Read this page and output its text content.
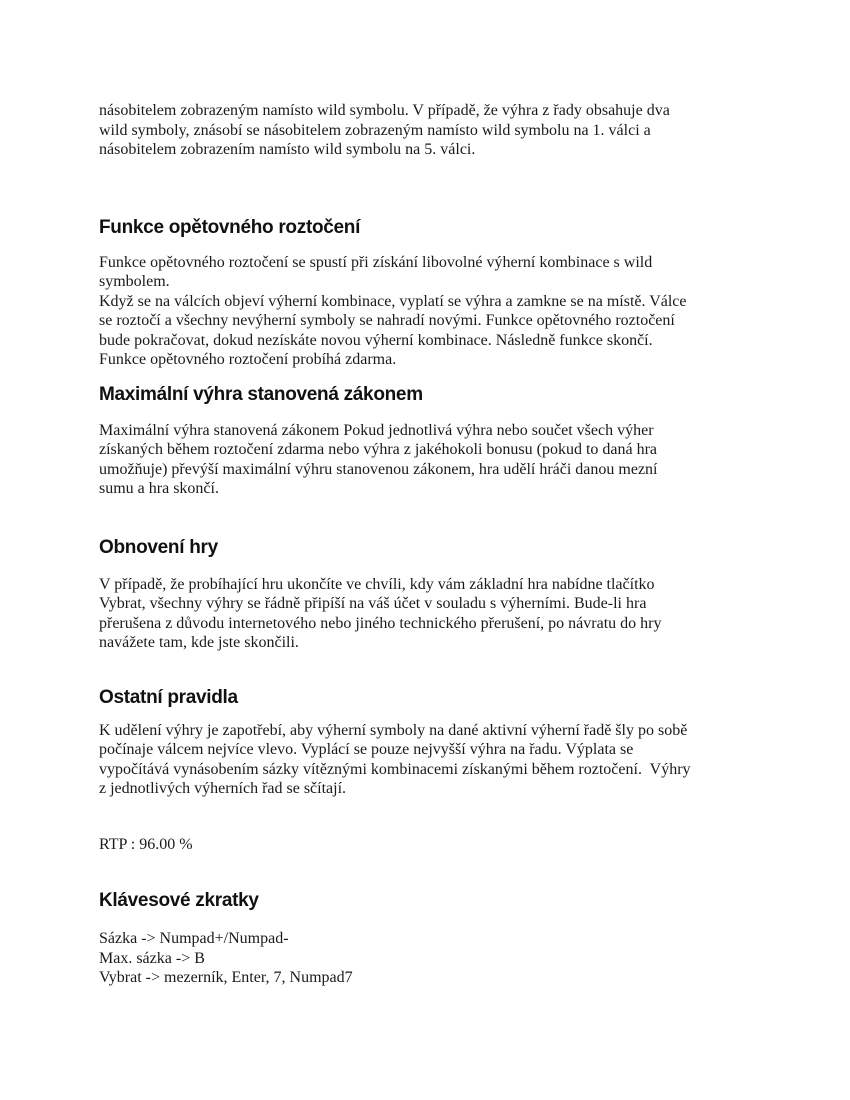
násobitelem zobrazeným namísto wild symbolu. V případě, že výhra z řady obsahuje dva
wild symboly, znásobí se násobitelem zobrazeným namísto wild symbolu na 1. válci a
násobitelem zobrazením namísto wild symbolu na 5. válci.
Funkce opětovného roztočení
Funkce opětovného roztočení se spustí při získání libovolné výherní kombinace s wild
symbolem.
Když se na válcích objeví výherní kombinace, vyplatí se výhra a zamkne se na místě. Válce
se roztočí a všechny nevýherní symboly se nahradí novými. Funkce opětovného roztočení
bude pokračovat, dokud nezískáte novou výherní kombinace. Následně funkce skončí.
Funkce opětovného roztočení probíhá zdarma.
Maximální výhra stanovená zákonem
Maximální výhra stanovená zákonem Pokud jednotlivá výhra nebo součet všech výher
získaných během roztočení zdarma nebo výhra z jakéhokoli bonusu (pokud to daná hra
umožňuje) převýší maximální výhru stanovenou zákonem, hra udělí hráči danou mezní
sumu a hra skončí.
Obnovení hry
V případě, že probíhající hru ukončíte ve chvíli, kdy vám základní hra nabídne tlačítko
Vybrat, všechny výhry se řádně připíší na váš účet v souladu s výherními. Bude-li hra
přerušena z důvodu internetového nebo jiného technického přerušení, po návratu do hry
navážete tam, kde jste skončili.
Ostatní pravidla
K udělení výhry je zapotřebí, aby výherní symboly na dané aktivní výherní řadě šly po sobě
počínaje válcem nejvíce vlevo. Vyplácí se pouze nejvyšší výhra na řadu. Výplata se
vypočítává vynásobením sázky vítěznými kombinacemi získanými během roztočení.  Výhry
z jednotlivých výherních řad se sčítají.
RTP : 96.00 %
Klávesové zkratky
Sázka -> Numpad+/Numpad-
Max. sázka -> B
Vybrat -> mezerník, Enter, 7, Numpad7
